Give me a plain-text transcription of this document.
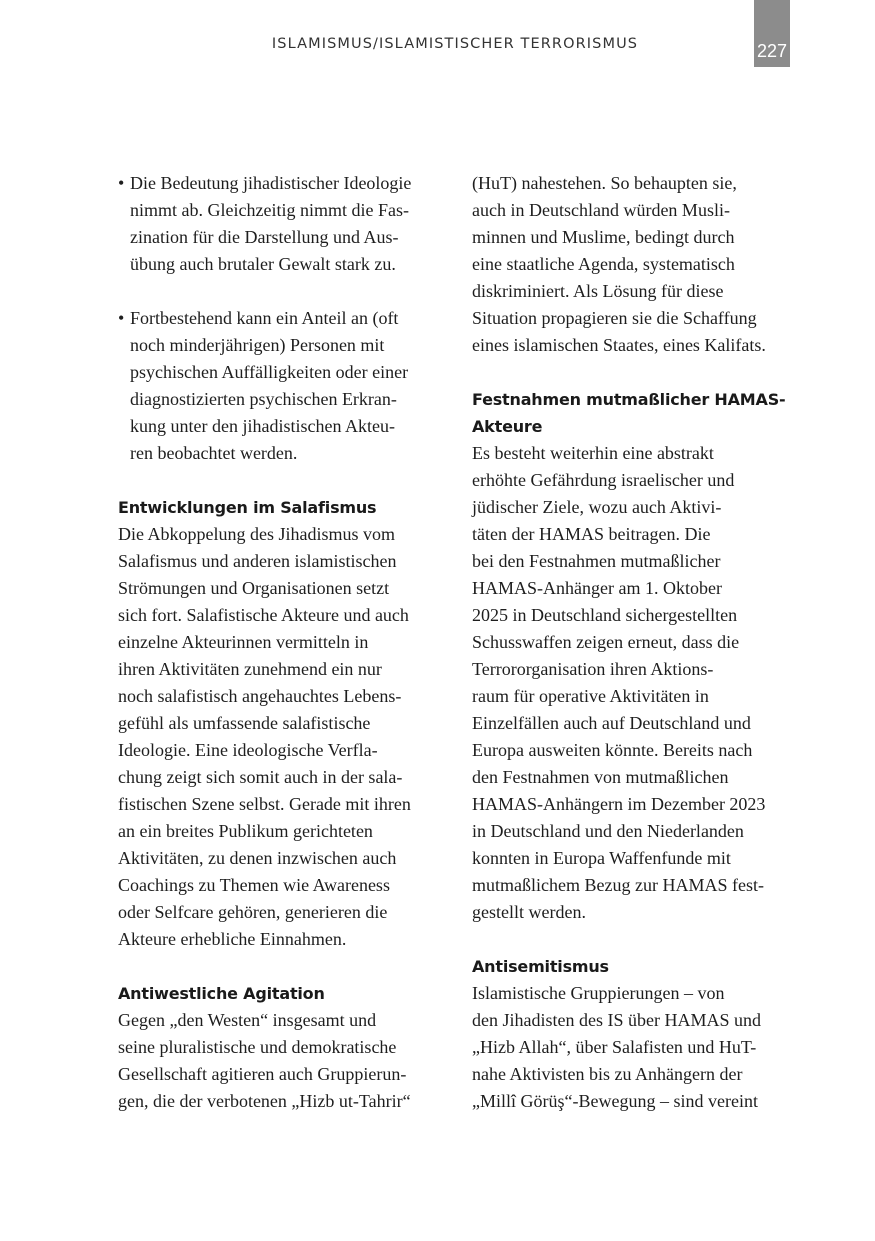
ISLAMISMUS/ISLAMISTISCHER TERRORISMUS	227
• Die Bedeutung jihadistischer Ideologie
nimmt ab. Gleichzeitig nimmt die Fas-
zination für die Darstellung und Aus-
übung auch brutaler Gewalt stark zu.
• Fortbestehend kann ein Anteil an (oft
noch minderjährigen) Personen mit
psychischen Auffälligkeiten oder einer
diagnostizierten psychischen Erkran-
kung unter den jihadistischen Akteu-
ren beobachtet werden.
Entwicklungen im Salafismus
Die Abkoppelung des Jihadismus vom
Salafismus und anderen islamistischen
Strömungen und Organisationen setzt
sich fort. Salafistische Akteure und auch
einzelne Akteurinnen vermitteln in
ihren Aktivitäten zunehmend ein nur
noch salafistisch angehauchtes Lebens-
gefühl als umfassende salafistische
Ideologie. Eine ideologische Verfla-
chung zeigt sich somit auch in der sala-
fistischen Szene selbst. Gerade mit ihren
an ein breites Publikum gerichteten
Aktivitäten, zu denen inzwischen auch
Coachings zu Themen wie Awareness
oder Selfcare gehören, generieren die
Akteure erhebliche Einnahmen.
Antiwestliche Agitation
Gegen „den Westen“ insgesamt und
seine pluralistische und demokratische
Gesellschaft agitieren auch Gruppierun-
gen, die der verbotenen „Hizb ut-Tahrir“
(HuT) nahestehen. So behaupten sie,
auch in Deutschland würden Musli-
minnen und Muslime, bedingt durch
eine staatliche Agenda, systematisch
diskriminiert. Als Lösung für diese
Situation propagieren sie die Schaffung
eines islamischen Staates, eines Kalifats.
Festnahmen mutmaßlicher HAMAS-
Akteure
Es besteht weiterhin eine abstrakt
erhöhte Gefährdung israelischer und
jüdischer Ziele, wozu auch Aktivi-
täten der HAMAS beitragen. Die
bei den Festnahmen mutmaßlicher
HAMAS-Anhänger am 1. Oktober
2025 in Deutschland sichergestellten
Schusswaffen zeigen erneut, dass die
Terrororganisation ihren Aktions-
raum für operative Aktivitäten in
Einzelfällen auch auf Deutschland und
Europa ausweiten könnte. Bereits nach
den Festnahmen von mutmaßlichen
HAMAS-Anhängern im Dezember 2023
in Deutschland und den Niederlanden
konnten in Europa Waffenfunde mit
mutmaßlichem Bezug zur HAMAS fest-
gestellt werden.
Antisemitismus
Islamistische Gruppierungen – von
den Jihadisten des IS über HAMAS und
„Hizb Allah“, über Salafisten und HuT-
nahe Aktivisten bis zu Anhängern der
„Millî Görüş“-Bewegung – sind vereint
